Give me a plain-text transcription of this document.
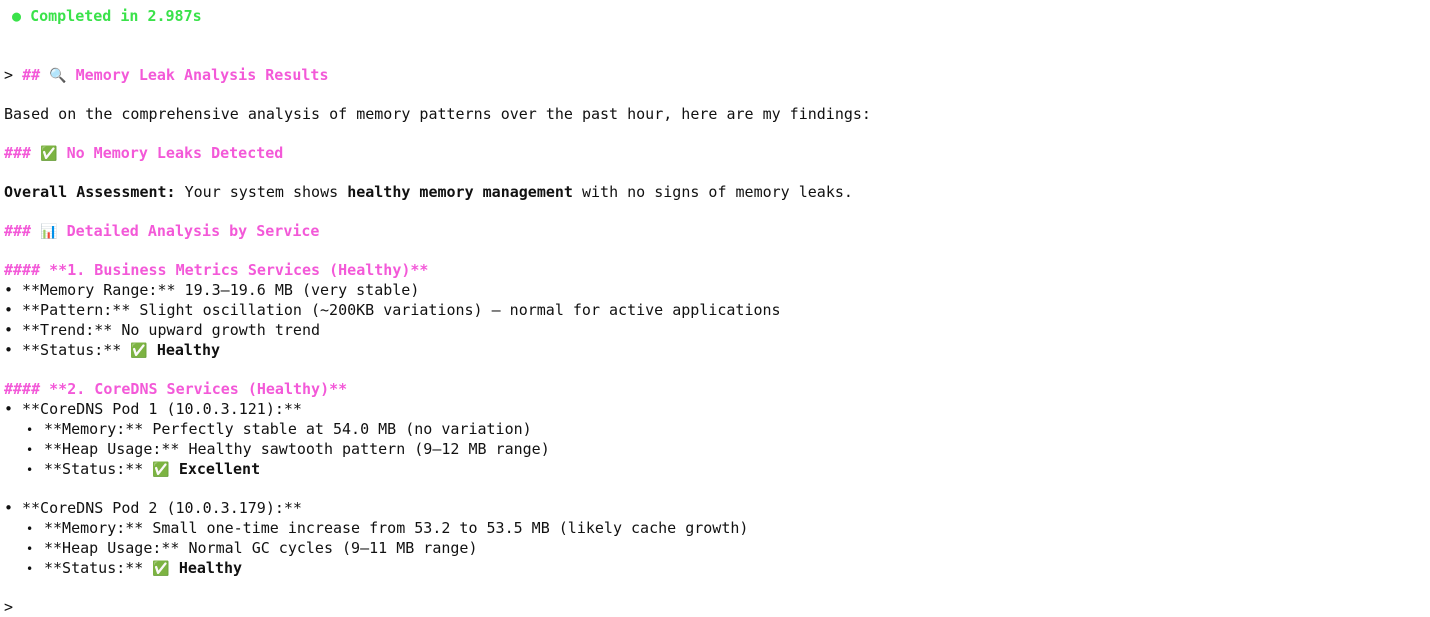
● Completed in 2.987s
> ## 🔍 Memory Leak Analysis Results
Based on the comprehensive analysis of memory patterns over the past hour, here are my findings:
### ✅ No Memory Leaks Detected
Overall Assessment: Your system shows healthy memory management with no signs of memory leaks.
### 📊 Detailed Analysis by Service
#### **1. Business Metrics Services (Healthy)**
• **Memory Range:** 19.3–19.6 MB (very stable)
• **Pattern:** Slight oscillation (~200KB variations) — normal for active applications
• **Trend:** No upward growth trend
• **Status:** ✅ Healthy
#### **2. CoreDNS Services (Healthy)**
• **CoreDNS Pod 1 (10.0.3.121):**
• **Memory:** Perfectly stable at 54.0 MB (no variation)
• **Heap Usage:** Healthy sawtooth pattern (9–12 MB range)
• **Status:** ✅ Excellent
• **CoreDNS Pod 2 (10.0.3.179):**
• **Memory:** Small one-time increase from 53.2 to 53.5 MB (likely cache growth)
• **Heap Usage:** Normal GC cycles (9–11 MB range)
• **Status:** ✅ Healthy
>
